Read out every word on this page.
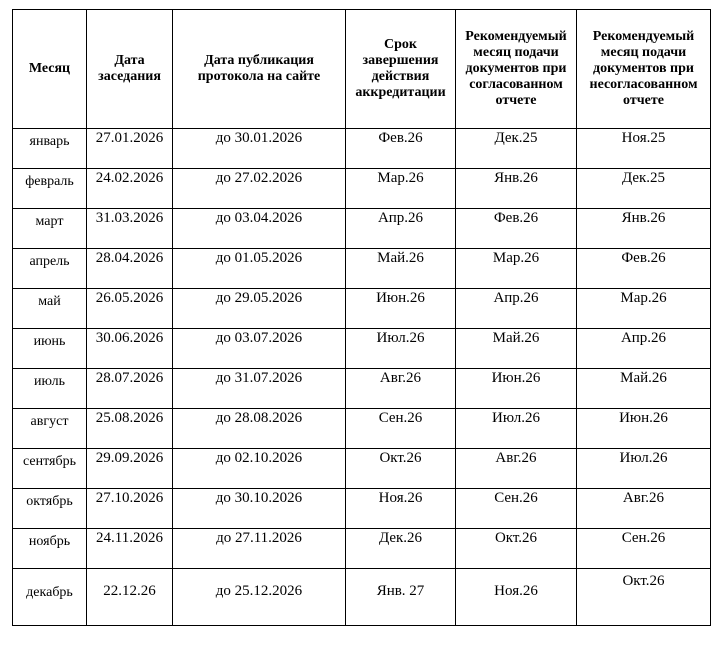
Месяц	Дата заседания	Дата публикация протокола на сайте	Срок завершения действия аккредитации	Рекомендуемый месяц подачи документов при согласованном отчете	Рекомендуемый месяц подачи документов при несогласованном отчете
январь	27.01.2026	до 30.01.2026	Фев.26	Дек.25	Ноя.25
февраль	24.02.2026	до 27.02.2026	Мар.26	Янв.26	Дек.25
март	31.03.2026	до 03.04.2026	Апр.26	Фев.26	Янв.26
апрель	28.04.2026	до 01.05.2026	Май.26	Мар.26	Фев.26
май	26.05.2026	до 29.05.2026	Июн.26	Апр.26	Мар.26
июнь	30.06.2026	до 03.07.2026	Июл.26	Май.26	Апр.26
июль	28.07.2026	до 31.07.2026	Авг.26	Июн.26	Май.26
август	25.08.2026	до 28.08.2026	Сен.26	Июл.26	Июн.26
сентябрь	29.09.2026	до 02.10.2026	Окт.26	Авг.26	Июл.26
октябрь	27.10.2026	до 30.10.2026	Ноя.26	Сен.26	Авг.26
ноябрь	24.11.2026	до 27.11.2026	Дек.26	Окт.26	Сен.26
декабрь	22.12.26	до 25.12.2026	Янв. 27	Ноя.26	Окт.26
